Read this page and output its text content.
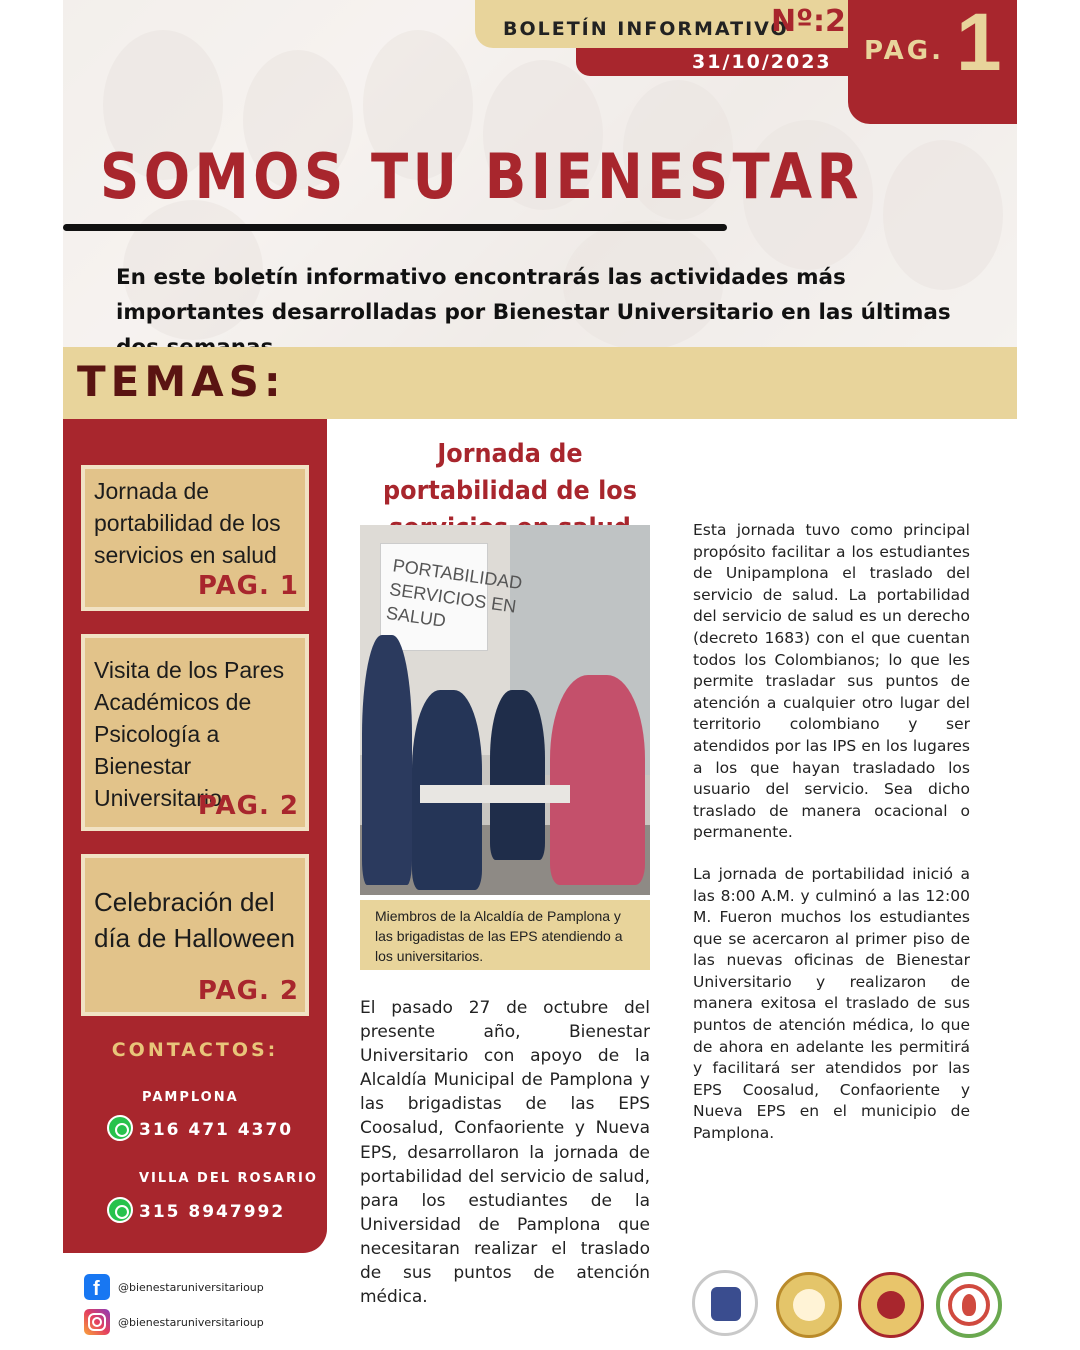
31/10/2023
BOLETÍN INFORMATIVO
Nº:2
PAG. 1
SOMOS TU BIENESTAR
En este boletín informativo encontrarás las actividades más importantes desarrolladas por Bienestar Universitario en las últimas
TEMAS:
Jornada de portabilidad de los servicios en salud
PAG. 1
Visita de los Pares Académicos de Psicología a Bienestar Universitario
PAG. 2
Celebración del día de Halloween
PAG. 2
CONTACTOS:
PAMPLONA
316 471 4370
VILLA DEL ROSARIO
315 8947992
f @bienestaruniversitarioup
@bienestaruniversitarioup
Jornada de portabilidad de los
PORTABILIDAD SERVICIOS EN SALUD
Miembros de la Alcaldía de Pamplona y las brigadistas de las EPS atendiendo a los universitarios.
El pasado 27 de octubre del presente año, Bienestar Universitario con apoyo de la Alcaldía Municipal de Pamplona y las brigadistas de las EPS Coosalud, Confaoriente y Nueva EPS, desarrollaron la jornada de portabilidad del servicio de salud, para los estudiantes de la Universidad de Pamplona que necesitaran realizar el traslado de sus puntos de atención médica.

Esta jornada tuvo como principal propósito facilitar a los estudiantes de Unipamplona el traslado del servicio de salud. La portabilidad del servicio de salud es un derecho (decreto 1683) con el que cuentan todos los Colombianos; lo que les permite trasladar sus puntos de atención a cualquier otro lugar del territorio colombiano y ser atendidos por las IPS en los lugares a los que hayan trasladado los usuario del servicio. Sea dicho traslado de manera ocacional o permanente.

La jornada de portabilidad inició a las 8:00 A.M. y culminó a las 12:00 M. Fueron muchos los estudiantes que se acercaron al primer piso de las nuevas oficinas de Bienestar Universitario y realizaron de manera exitosa el traslado de sus puntos de atención médica, lo que de ahora en adelante les permitirá y facilitará ser atendidos por las EPS Coosalud, Confaoriente y Nueva EPS en el municipio de Pamplona.
